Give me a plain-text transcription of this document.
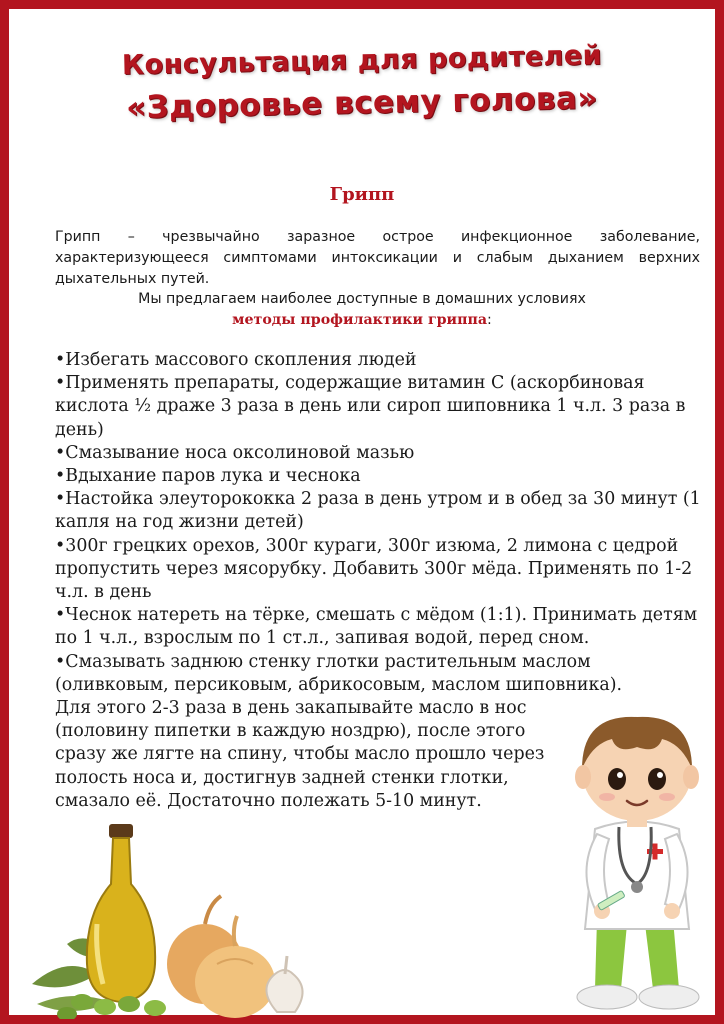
Консультация для родителей
«Здоровье всему голова»
Грипп

Грипп – чрезвычайно заразное острое инфекционное заболевание, характеризующееся симптомами интоксикации и слабым дыханием верхних дыхательных путей.

Мы предлагаем наиболее доступные в домашних условиях

методы профилактики гриппа:

•Избегать массового скопления людей
•Применять препараты, содержащие витамин С (аскорбиновая кислота ½ драже 3 раза в день или сироп шиповника 1 ч.л. 3 раза в день)
•Смазывание носа оксолиновой мазью
•Вдыхание паров лука и чеснока
•Настойка элеуторококка 2 раза в день утром и в обед за 30 минут (1 капля на год жизни детей)
•300г грецких орехов, 300г кураги, 300г изюма, 2 лимона с цедрой пропустить через мясорубку. Добавить 300г мёда. Применять по 1-2 ч.л. в день
•Чеснок натереть на тёрке, смешать с мёдом (1:1). Принимать детям по 1 ч.л., взрослым по 1 ст.л., запивая водой, перед сном.
•Смазывать заднюю стенку глотки растительным маслом (оливковым, персиковым, абрикосовым, маслом шиповника).
Для этого 2-3 раза в день закапывайте масло в нос (половину пипетки в каждую ноздрю), после этого сразу же лягте на спину, чтобы масло прошло через полость носа и, достигнув задней стенки глотки, смазало её. Достаточно полежать 5-10 минут.
